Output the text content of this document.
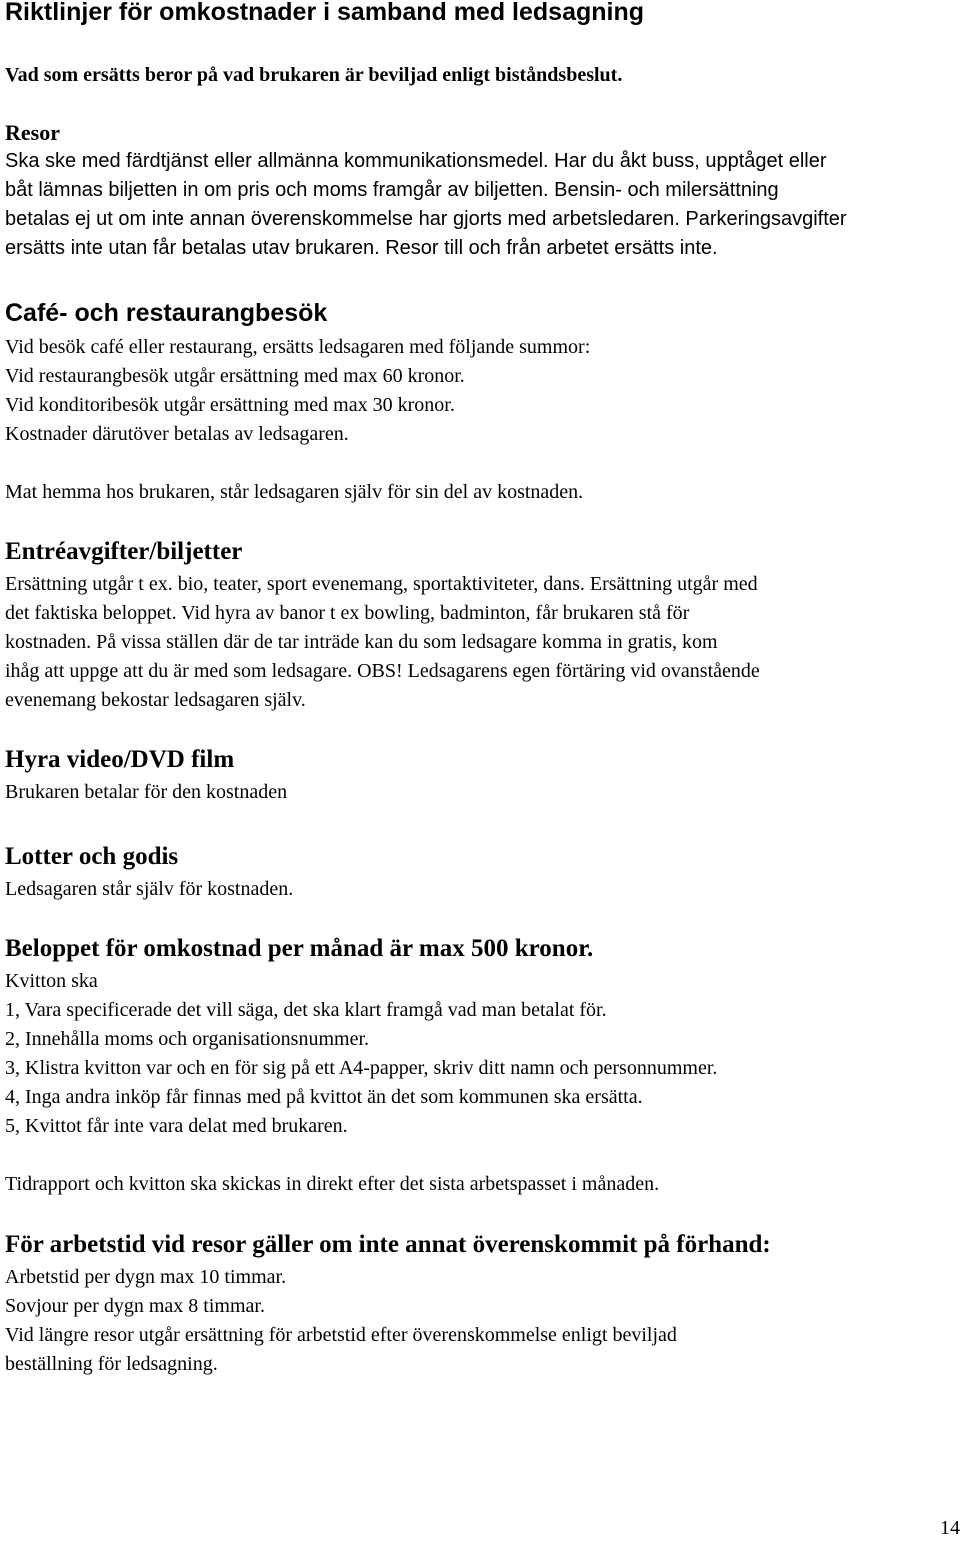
Riktlinjer för omkostnader i samband med ledsagning

Vad som ersätts beror på vad brukaren är beviljad enligt biståndsbeslut.

Resor

Ska ske med färdtjänst eller allmänna kommunikationsmedel. Har du åkt buss, upptåget eller

båt lämnas biljetten in om pris och moms framgår av biljetten. Bensin- och milersättning

betalas ej ut om inte annan överenskommelse har gjorts med arbetsledaren. Parkeringsavgifter

ersätts inte utan får betalas utav brukaren. Resor till och från arbetet ersätts inte.

Café- och restaurangbesök

Vid besök café eller restaurang, ersätts ledsagaren med följande summor:

Vid restaurangbesök utgår ersättning med max 60 kronor.

Vid konditoribesök utgår ersättning med max 30 kronor.

Kostnader därutöver betalas av ledsagaren.

Mat hemma hos brukaren, står ledsagaren själv för sin del av kostnaden.

Entréavgifter/biljetter

Ersättning utgår t ex. bio, teater, sport evenemang, sportaktiviteter, dans. Ersättning utgår med

det faktiska beloppet. Vid hyra av banor t ex bowling, badminton, får brukaren stå för

kostnaden. På vissa ställen där de tar inträde kan du som ledsagare komma in gratis, kom

ihåg att uppge att du är med som ledsagare. OBS! Ledsagarens egen förtäring vid ovanstående

evenemang bekostar ledsagaren själv.

Hyra video/DVD film

Brukaren betalar för den kostnaden

Lotter och godis

Ledsagaren står själv för kostnaden.

Beloppet för omkostnad per månad är max 500 kronor.

Kvitton ska

1, Vara specificerade det vill säga, det ska klart framgå vad man betalat för.

2, Innehålla moms och organisationsnummer.

3, Klistra kvitton var och en för sig på ett A4-papper, skriv ditt namn och personnummer.

4, Inga andra inköp får finnas med på kvittot än det som kommunen ska ersätta.

5, Kvittot får inte vara delat med brukaren.

Tidrapport och kvitton ska skickas in direkt efter det sista arbetspasset i månaden.

För arbetstid vid resor gäller om inte annat överenskommit på förhand:

Arbetstid per dygn max 10 timmar.

Sovjour per dygn max 8 timmar.

Vid längre resor utgår ersättning för arbetstid efter överenskommelse enligt beviljad

beställning för ledsagning.

14
